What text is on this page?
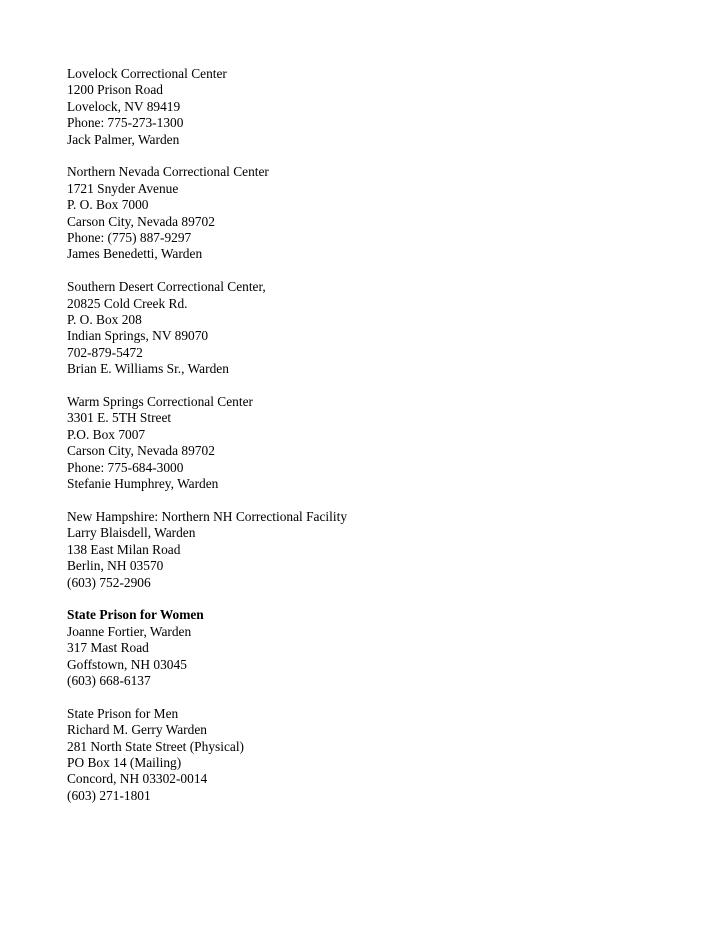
Lovelock Correctional Center
1200 Prison Road
Lovelock, NV 89419
Phone: 775-273-1300
Jack Palmer, Warden
Northern Nevada Correctional Center
1721 Snyder Avenue
P. O. Box 7000
Carson City, Nevada 89702
Phone: (775) 887-9297
James Benedetti, Warden
Southern Desert Correctional Center,
20825 Cold Creek Rd.
P. O. Box 208
Indian Springs, NV 89070
702-879-5472
Brian E. Williams Sr., Warden
Warm Springs Correctional Center
3301 E. 5TH Street
P.O. Box 7007
Carson City, Nevada 89702
Phone: 775-684-3000
Stefanie Humphrey, Warden
New Hampshire: Northern NH Correctional Facility
Larry Blaisdell, Warden
138 East Milan Road
Berlin, NH 03570
(603) 752-2906
State Prison for Women
Joanne Fortier, Warden
317 Mast Road
Goffstown, NH 03045
(603) 668-6137
State Prison for Men
Richard M. Gerry Warden
281 North State Street (Physical)
PO Box 14 (Mailing)
Concord, NH 03302-0014
(603) 271-1801
